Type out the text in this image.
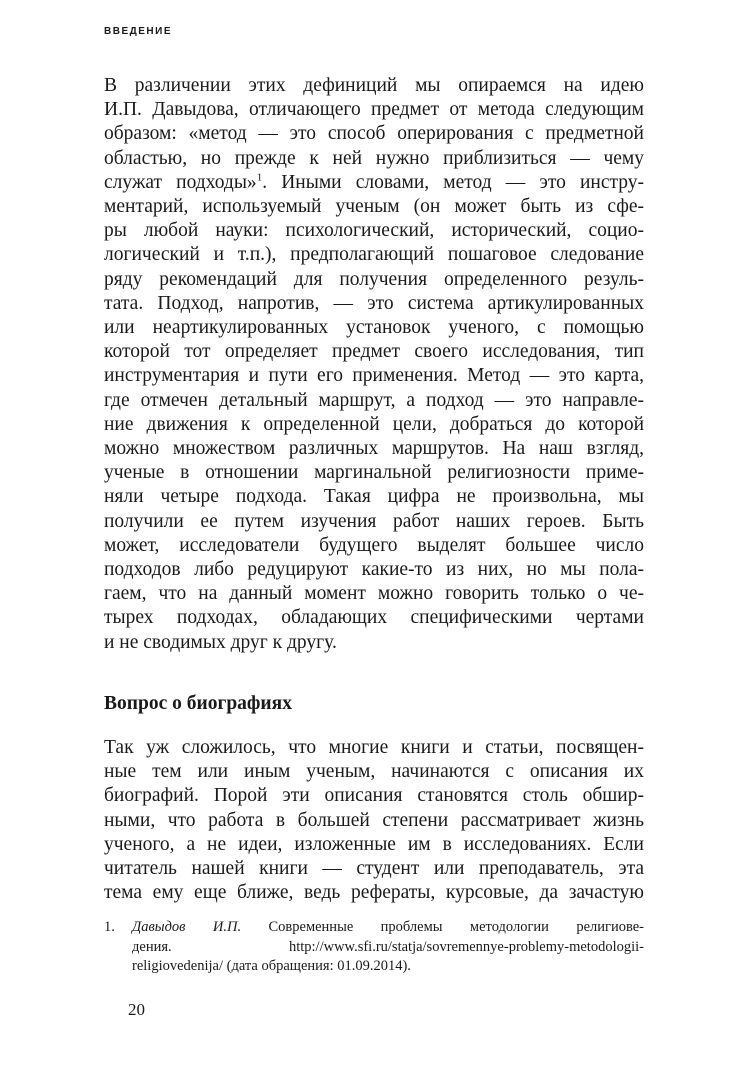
ВВЕДЕНИЕ
В различении этих дефиниций мы опираемся на идею
И.П. Давыдова, отличающего предмет от метода следующим
образом: «метод — это способ оперирования с предметной
областью, но прежде к ней нужно приблизиться — чему
служат подходы»$^1$. Иными словами, метод — это инстру-
ментарий, используемый ученым (он может быть из сфе-
ры любой науки: психологический, исторический, социо-
логический и т.п.), предполагающий пошаговое следование
ряду рекомендаций для получения определенного резуль-
тата. Подход, напротив, — это система артикулированных
или неартикулированных установок ученого, с помощью
которой тот определяет предмет своего исследования, тип
инструментария и пути его применения. Метод — это карта,
где отмечен детальный маршрут, а подход — это направле-
ние движения к определенной цели, добраться до которой
можно множеством различных маршрутов. На наш взгляд,
ученые в отношении маргинальной религиозности приме-
няли четыре подхода. Такая цифра не произвольна, мы
получили ее путем изучения работ наших героев. Быть
может, исследователи будущего выделят большее число
подходов либо редуцируют какие-то из них, но мы пола-
гаем, что на данный момент можно говорить только о че-
тырех подходах, обладающих специфическими чертами
и не сводимых друг к другу.
Вопрос о биографиях
Так уж сложилось, что многие книги и статьи, посвящен-
ные тем или иным ученым, начинаются с описания их
биографий. Порой эти описания становятся столь обшир-
ными, что работа в большей степени рассматривает жизнь
ученого, а не идеи, изложенные им в исследованиях. Если
читатель нашей книги — студент или преподаватель, эта
тема ему еще ближе, ведь рефераты, курсовые, да зачастую
1. Давыдов И.П. Современные проблемы методологии религиове-
дения. http://www.sfi.ru/statja/sovremennye-problemy-metodologii-
religiovedenija/ (дата обращения: 01.09.2014).
20
